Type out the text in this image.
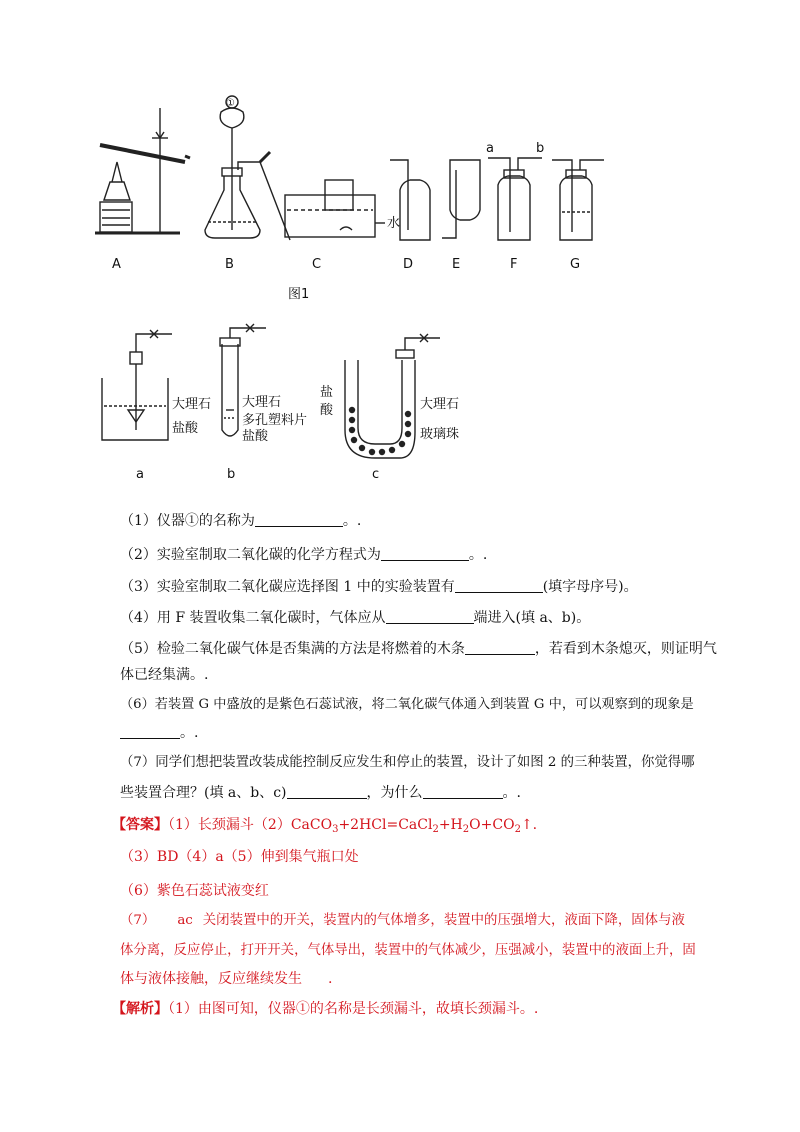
①
水
a	b
A	B	C	D	E	F	G
图1
大理石
盐酸
大理石
多孔塑料片
盐酸
盐
酸	大理石
玻璃珠
a	b	c
（1）仪器①的名称为	。.
（2）实验室制取二氧化碳的化学方程式为	。.
（3）实验室制取二氧化碳应选择图 1 中的实验装置有	(填字母序号)。
（4）用 F 装置收集二氧化碳时，气体应从	端进入(填 a、b)。
（5）检验二氧化碳气体是否集满的方法是将燃着的木条	，若看到木条熄灭，则证明气
体已经集满。.
（6）若装置 G 中盛放的是紫色石蕊试液，将二氧化碳气体通入到装置 G 中，可以观察到的现象是
。.
（7）同学们想把装置改装成能控制反应发生和停止的装置，设计了如图 2 的三种装置，你觉得哪
些装置合理？(填 a、b、c)	，为什么	。.
【答案】（1）长颈漏斗$(2)CaCO_3+2HCl=CaCl_2+H_2O+CO_2↑$.
（3）BD（4）a（5）伸到集气瓶口处
（6）紫色石蕊试液变红
（7） ac 关闭装置中的开关，装置内的气体增多，装置中的压强增大，液面下降，固体与液
体分离，反应停止，打开开关，气体导出，装置中的气体减少，压强减小，装置中的液面上升，固
体与液体接触，反应继续发生 .
【解析】（1）由图可知，仪器①的名称是长颈漏斗，故填长颈漏斗。.
